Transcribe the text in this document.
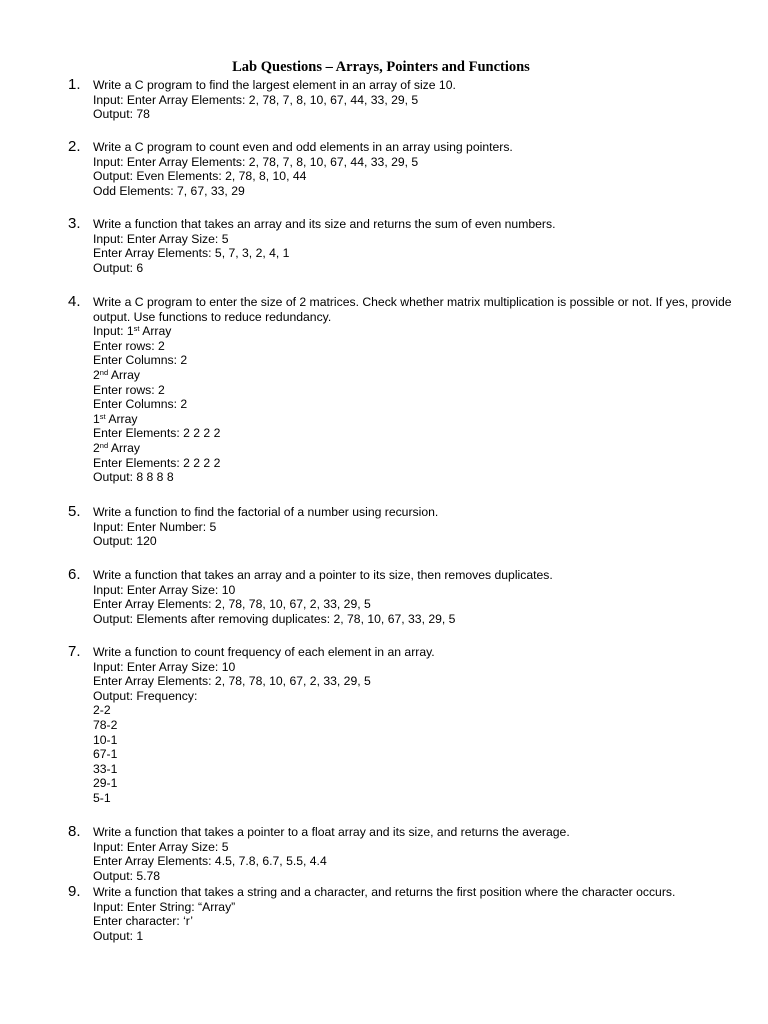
Lab Questions – Arrays, Pointers and Functions
1.	Write a C program to find the largest element in an array of size 10.
Input: Enter Array Elements: 2, 78, 7, 8, 10, 67, 44, 33, 29, 5
Output: 78
2.	Write a C program to count even and odd elements in an array using pointers.
Input: Enter Array Elements: 2, 78, 7, 8, 10, 67, 44, 33, 29, 5
Output: Even Elements: 2, 78, 8, 10, 44
Odd Elements: 7, 67, 33, 29
3.	Write a function that takes an array and its size and returns the sum of even numbers.
Input: Enter Array Size: 5
Enter Array Elements: 5, 7, 3, 2, 4, 1
Output: 6
4.	Write a C program to enter the size of 2 matrices. Check whether matrix multiplication is possible or not. If yes, provide output. Use functions to reduce redundancy.
Input: 1st Array
Enter rows: 2
Enter Columns: 2
2nd Array
Enter rows: 2
Enter Columns: 2
1st Array
Enter Elements: 2 2 2 2
2nd Array
Enter Elements: 2 2 2 2
Output: 8 8 8 8
5.	Write a function to find the factorial of a number using recursion.
Input: Enter Number: 5
Output: 120
6.	Write a function that takes an array and a pointer to its size, then removes duplicates.
Input: Enter Array Size: 10
Enter Array Elements: 2, 78, 78, 10, 67, 2, 33, 29, 5
Output: Elements after removing duplicates: 2, 78, 10, 67, 33, 29, 5
7.	Write a function to count frequency of each element in an array.
Input: Enter Array Size: 10
Enter Array Elements: 2, 78, 78, 10, 67, 2, 33, 29, 5
Output: Frequency:
2-2
78-2
10-1
67-1
33-1
29-1
5-1
8.	Write a function that takes a pointer to a float array and its size, and returns the average.
Input: Enter Array Size: 5
Enter Array Elements: 4.5, 7.8, 6.7, 5.5, 4.4
Output: 5.78
9.	Write a function that takes a string and a character, and returns the first position where the character occurs.
Input: Enter String: “Array”
Enter character: ‘r’
Output: 1
